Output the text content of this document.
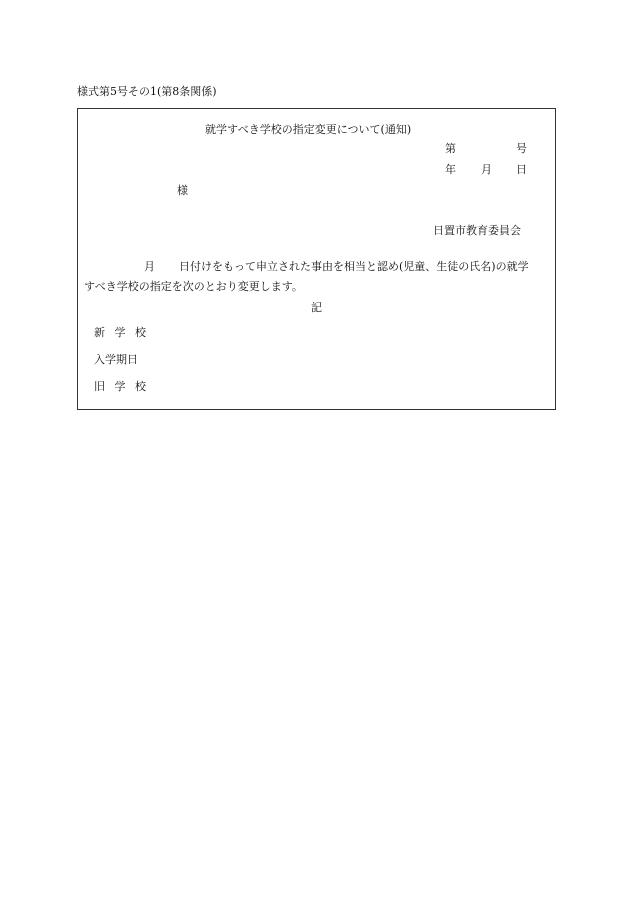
様式第5号その1(第8条関係)
就学すべき学校の指定変更について(通知)
第	号
年 月 日
様
日置市教育委員会
月 日付けをもって申立された事由を相当と認め(児童、生徒の氏名)の就学
すべき学校の指定を次のとおり変更します。
記
新 学 校
入学期日
旧 学 校
